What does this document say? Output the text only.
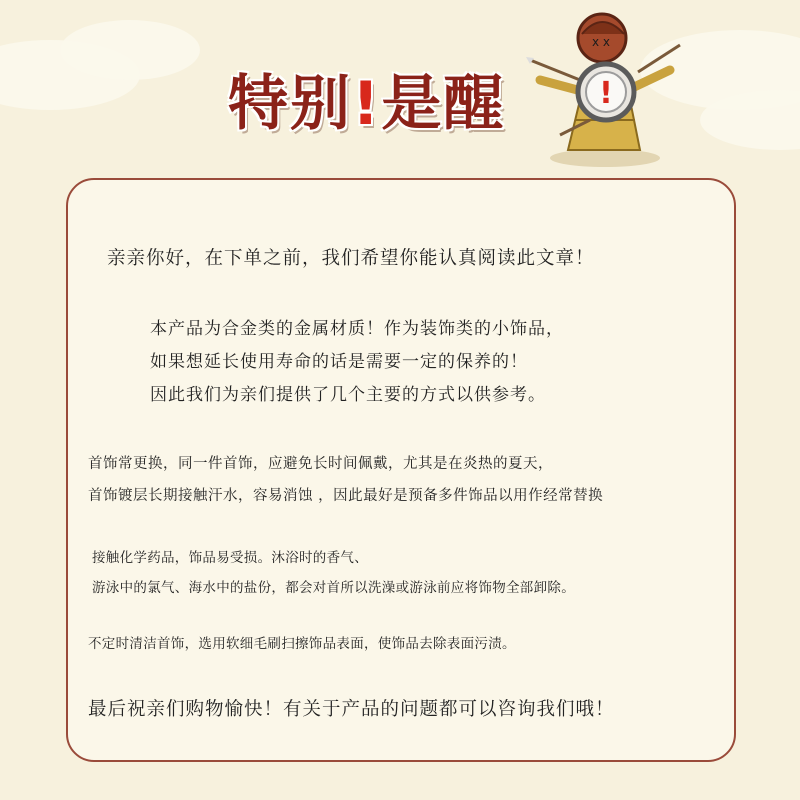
特别!是醒
x x
!
亲亲你好，在下单之前，我们希望你能认真阅读此文章！
本产品为合金类的金属材质！作为装饰类的小饰品，
如果想延长使用寿命的话是需要一定的保养的！
因此我们为亲们提供了几个主要的方式以供参考。
首饰常更换，同一件首饰，应避免长时间佩戴，尤其是在炎热的夏天，
首饰镀层长期接触汗水，容易消蚀 ，因此最好是预备多件饰品以用作经常替换
接触化学药品，饰品易受损。沐浴时的香气、
游泳中的氯气、海水中的盐份，都会对首所以洗澡或游泳前应将饰物全部卸除。
不定时清洁首饰，选用软细毛刷扫擦饰品表面，使饰品去除表面污渍。
最后祝亲们购物愉快！有关于产品的问题都可以咨询我们哦！
